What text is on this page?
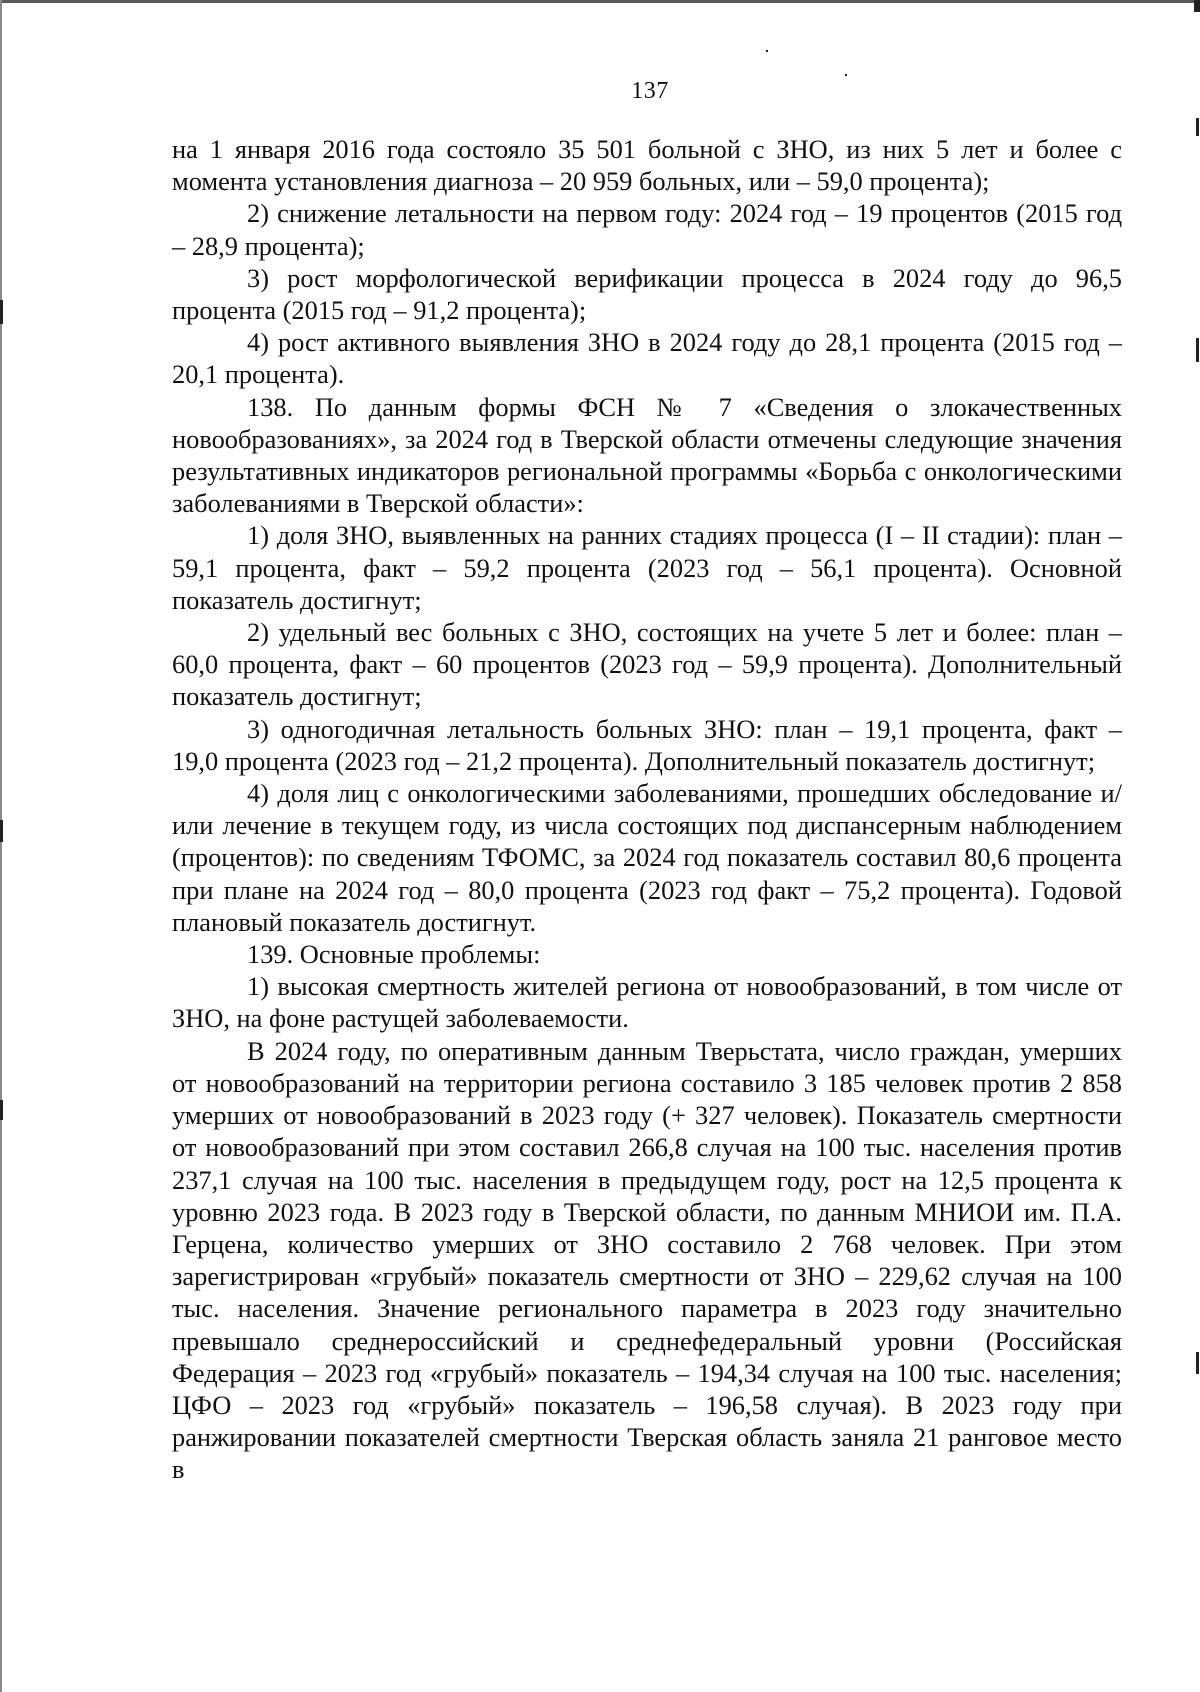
137

на 1 января 2016 года состояло 35 501 больной с ЗНО, из них 5 лет и более с момента установления диагноза – 20 959 больных, или – 59,0 процента);

2) снижение летальности на первом году: 2024 год – 19 процентов (2015 год – 28,9 процента);

3) рост морфологической верификации процесса в 2024 году до 96,5 процента (2015 год – 91,2 процента);

4) рост активного выявления ЗНО в 2024 году до 28,1 процента (2015 год – 20,1 процента).

138. По данным формы ФСН № 7 «Сведения о злокачественных новообразованиях», за 2024 год в Тверской области отмечены следующие значения результативных индикаторов региональной программы «Борьба с онкологическими заболеваниями в Тверской области»:

1) доля ЗНО, выявленных на ранних стадиях процесса (I – II стадии): план – 59,1 процента, факт – 59,2 процента (2023 год – 56,1 процента). Основной показатель достигнут;

2) удельный вес больных с ЗНО, состоящих на учете 5 лет и более: план – 60,0 процента, факт – 60 процентов (2023 год – 59,9 процента). Дополнительный показатель достигнут;

3) одногодичная летальность больных ЗНО: план – 19,1 процента, факт – 19,0 процента (2023 год – 21,2 процента). Дополнительный показатель достигнут;

4) доля лиц с онкологическими заболеваниями, прошедших обследование и/или лечение в текущем году, из числа состоящих под диспансерным наблюдением (процентов): по сведениям ТФОМС, за 2024 год показатель составил 80,6 процента при плане на 2024 год – 80,0 процента (2023 год факт – 75,2 процента). Годовой плановый показатель достигнут.

139. Основные проблемы:

1) высокая смертность жителей региона от новообразований, в том числе от ЗНО, на фоне растущей заболеваемости.

В 2024 году, по оперативным данным Тверьстата, число граждан, умерших от новообразований на территории региона составило 3 185 человек против 2 858 умерших от новообразований в 2023 году (+ 327 человек). Показатель смертности от новообразований при этом составил 266,8 случая на 100 тыс. населения против 237,1 случая на 100 тыс. населения в предыдущем году, рост на 12,5 процента к уровню 2023 года. В 2023 году в Тверской области, по данным МНИОИ им. П.А. Герцена, количество умерших от ЗНО составило 2 768 человек. При этом зарегистрирован «грубый» показатель смертности от ЗНО – 229,62 случая на 100 тыс. населения. Значение регионального параметра в 2023 году значительно превышало среднероссийский и среднефедеральный уровни (Российская Федерация – 2023 год «грубый» показатель – 194,34 случая на 100 тыс. населения; ЦФО – 2023 год «грубый» показатель – 196,58 случая). В 2023 году при ранжировании показателей смертности Тверская область заняла 21 ранговое место в
